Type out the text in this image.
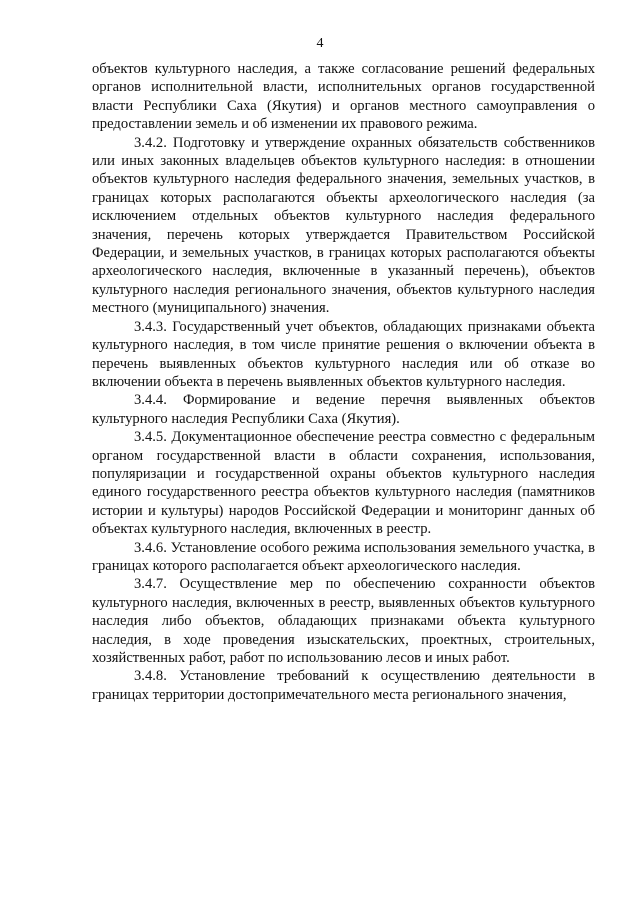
4

объектов культурного наследия, а также согласование решений федеральных органов исполнительной власти, исполнительных органов государственной власти Республики Саха (Якутия) и органов местного самоуправления о предоставлении земель и об изменении их правового режима.

3.4.2. Подготовку и утверждение охранных обязательств собственников или иных законных владельцев объектов культурного наследия: в отношении объектов культурного наследия федерального значения, земельных участков, в границах которых располагаются объекты археологического наследия (за исключением отдельных объектов культурного наследия федерального значения, перечень которых утверждается Правительством Российской Федерации, и земельных участков, в границах которых располагаются объекты археологического наследия, включенные в указанный перечень), объектов культурного наследия регионального значения, объектов культурного наследия местного (муниципального) значения.

3.4.3. Государственный учет объектов, обладающих признаками объекта культурного наследия, в том числе принятие решения о включении объекта в перечень выявленных объектов культурного наследия или об отказе во включении объекта в перечень выявленных объектов культурного наследия.

3.4.4. Формирование и ведение перечня выявленных объектов культурного наследия Республики Саха (Якутия).

3.4.5. Документационное обеспечение реестра совместно с федеральным органом государственной власти в области сохранения, использования, популяризации и государственной охраны объектов культурного наследия единого государственного реестра объектов культурного наследия (памятников истории и культуры) народов Российской Федерации и мониторинг данных об объектах культурного наследия, включенных в реестр.

3.4.6. Установление особого режима использования земельного участка, в границах которого располагается объект археологического наследия.

3.4.7. Осуществление мер по обеспечению сохранности объектов культурного наследия, включенных в реестр, выявленных объектов культурного наследия либо объектов, обладающих признаками объекта культурного наследия, в ходе проведения изыскательских, проектных, строительных, хозяйственных работ, работ по использованию лесов и иных работ.

3.4.8. Установление требований к осуществлению деятельности в границах территории достопримечательного места регионального значения,
